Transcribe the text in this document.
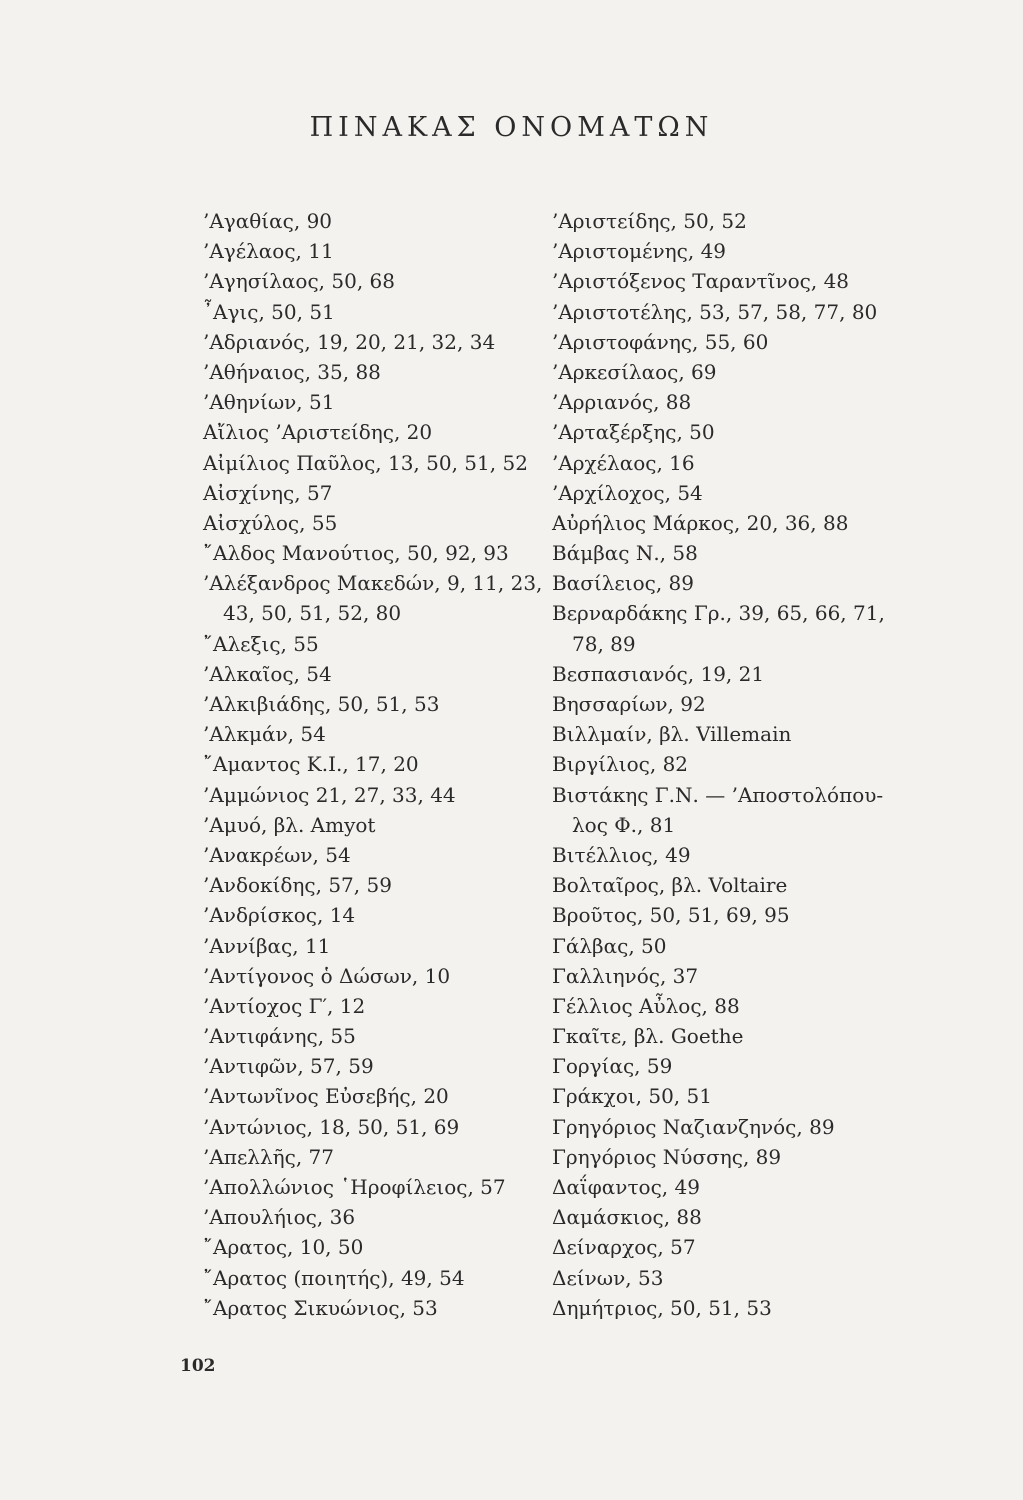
ΠΙΝΑΚΑΣ ΟΝΟΜΑΤΩΝ
’Αγαθίας, 90
’Αγέλαος, 11
’Αγησίλαος, 50, 68
῏Αγις, 50, 51
’Αδριανός, 19, 20, 21, 32, 34
’Αθήναιος, 35, 88
’Αθηνίων, 51
Αἴλιος ’Αριστείδης, 20
Αἰμίλιος Παῦλος, 13, 50, 51, 52
Αἰσχίνης, 57
Αἰσχύλος, 55
῎Αλδος Μανούτιος, 50, 92, 93
’Αλέξανδρος Μακεδών, 9, 11, 23,
43, 50, 51, 52, 80
῎Αλεξις, 55
’Αλκαῖος, 54
’Αλκιβιάδης, 50, 51, 53
’Αλκμάν, 54
῎Αμαντος Κ.Ι., 17, 20
’Αμμώνιος 21, 27, 33, 44
’Αμυό, βλ. Amyot
’Ανακρέων, 54
’Ανδοκίδης, 57, 59
’Ανδρίσκος, 14
’Αννίβας, 11
’Αντίγονος ὁ Δώσων, 10
’Αντίοχος Γ′, 12
’Αντιφάνης, 55
’Αντιφῶν, 57, 59
’Αντωνῖνος Εὐσεβής, 20
’Αντώνιος, 18, 50, 51, 69
’Απελλῆς, 77
’Απολλώνιος ῾Ηροφίλειος, 57
’Απουλήιος, 36
῎Αρατος, 10, 50
῎Αρατος (ποιητής), 49, 54
῎Αρατος Σικυώνιος, 53
’Αριστείδης, 50, 52
’Αριστομένης, 49
’Αριστόξενος Ταραντῖνος, 48
’Αριστοτέλης, 53, 57, 58, 77, 80
’Αριστοφάνης, 55, 60
’Αρκεσίλαος, 69
’Αρριανός, 88
’Αρταξέρξης, 50
’Αρχέλαος, 16
’Αρχίλοχος, 54
Αὐρήλιος Μάρκος, 20, 36, 88
Βάμβας Ν., 58
Βασίλειος, 89
Βερναρδάκης Γρ., 39, 65, 66, 71,
78, 89
Βεσπασιανός, 19, 21
Βησσαρίων, 92
Βιλλμαίν, βλ. Villemain
Βιργίλιος, 82
Βιστάκης Γ.Ν. — ’Αποστολόπου-
λος Φ., 81
Βιτέλλιος, 49
Βολταῖρος, βλ. Voltaire
Βροῦτος, 50, 51, 69, 95
Γάλβας, 50
Γαλλιηνός, 37
Γέλλιος Αὖλος, 88
Γκαῖτε, βλ. Goethe
Γοργίας, 59
Γράκχοι, 50, 51
Γρηγόριος Ναζιανζηνός, 89
Γρηγόριος Νύσσης, 89
Δαΐφαντος, 49
Δαμάσκιος, 88
Δείναρχος, 57
Δείνων, 53
Δημήτριος, 50, 51, 53
102
